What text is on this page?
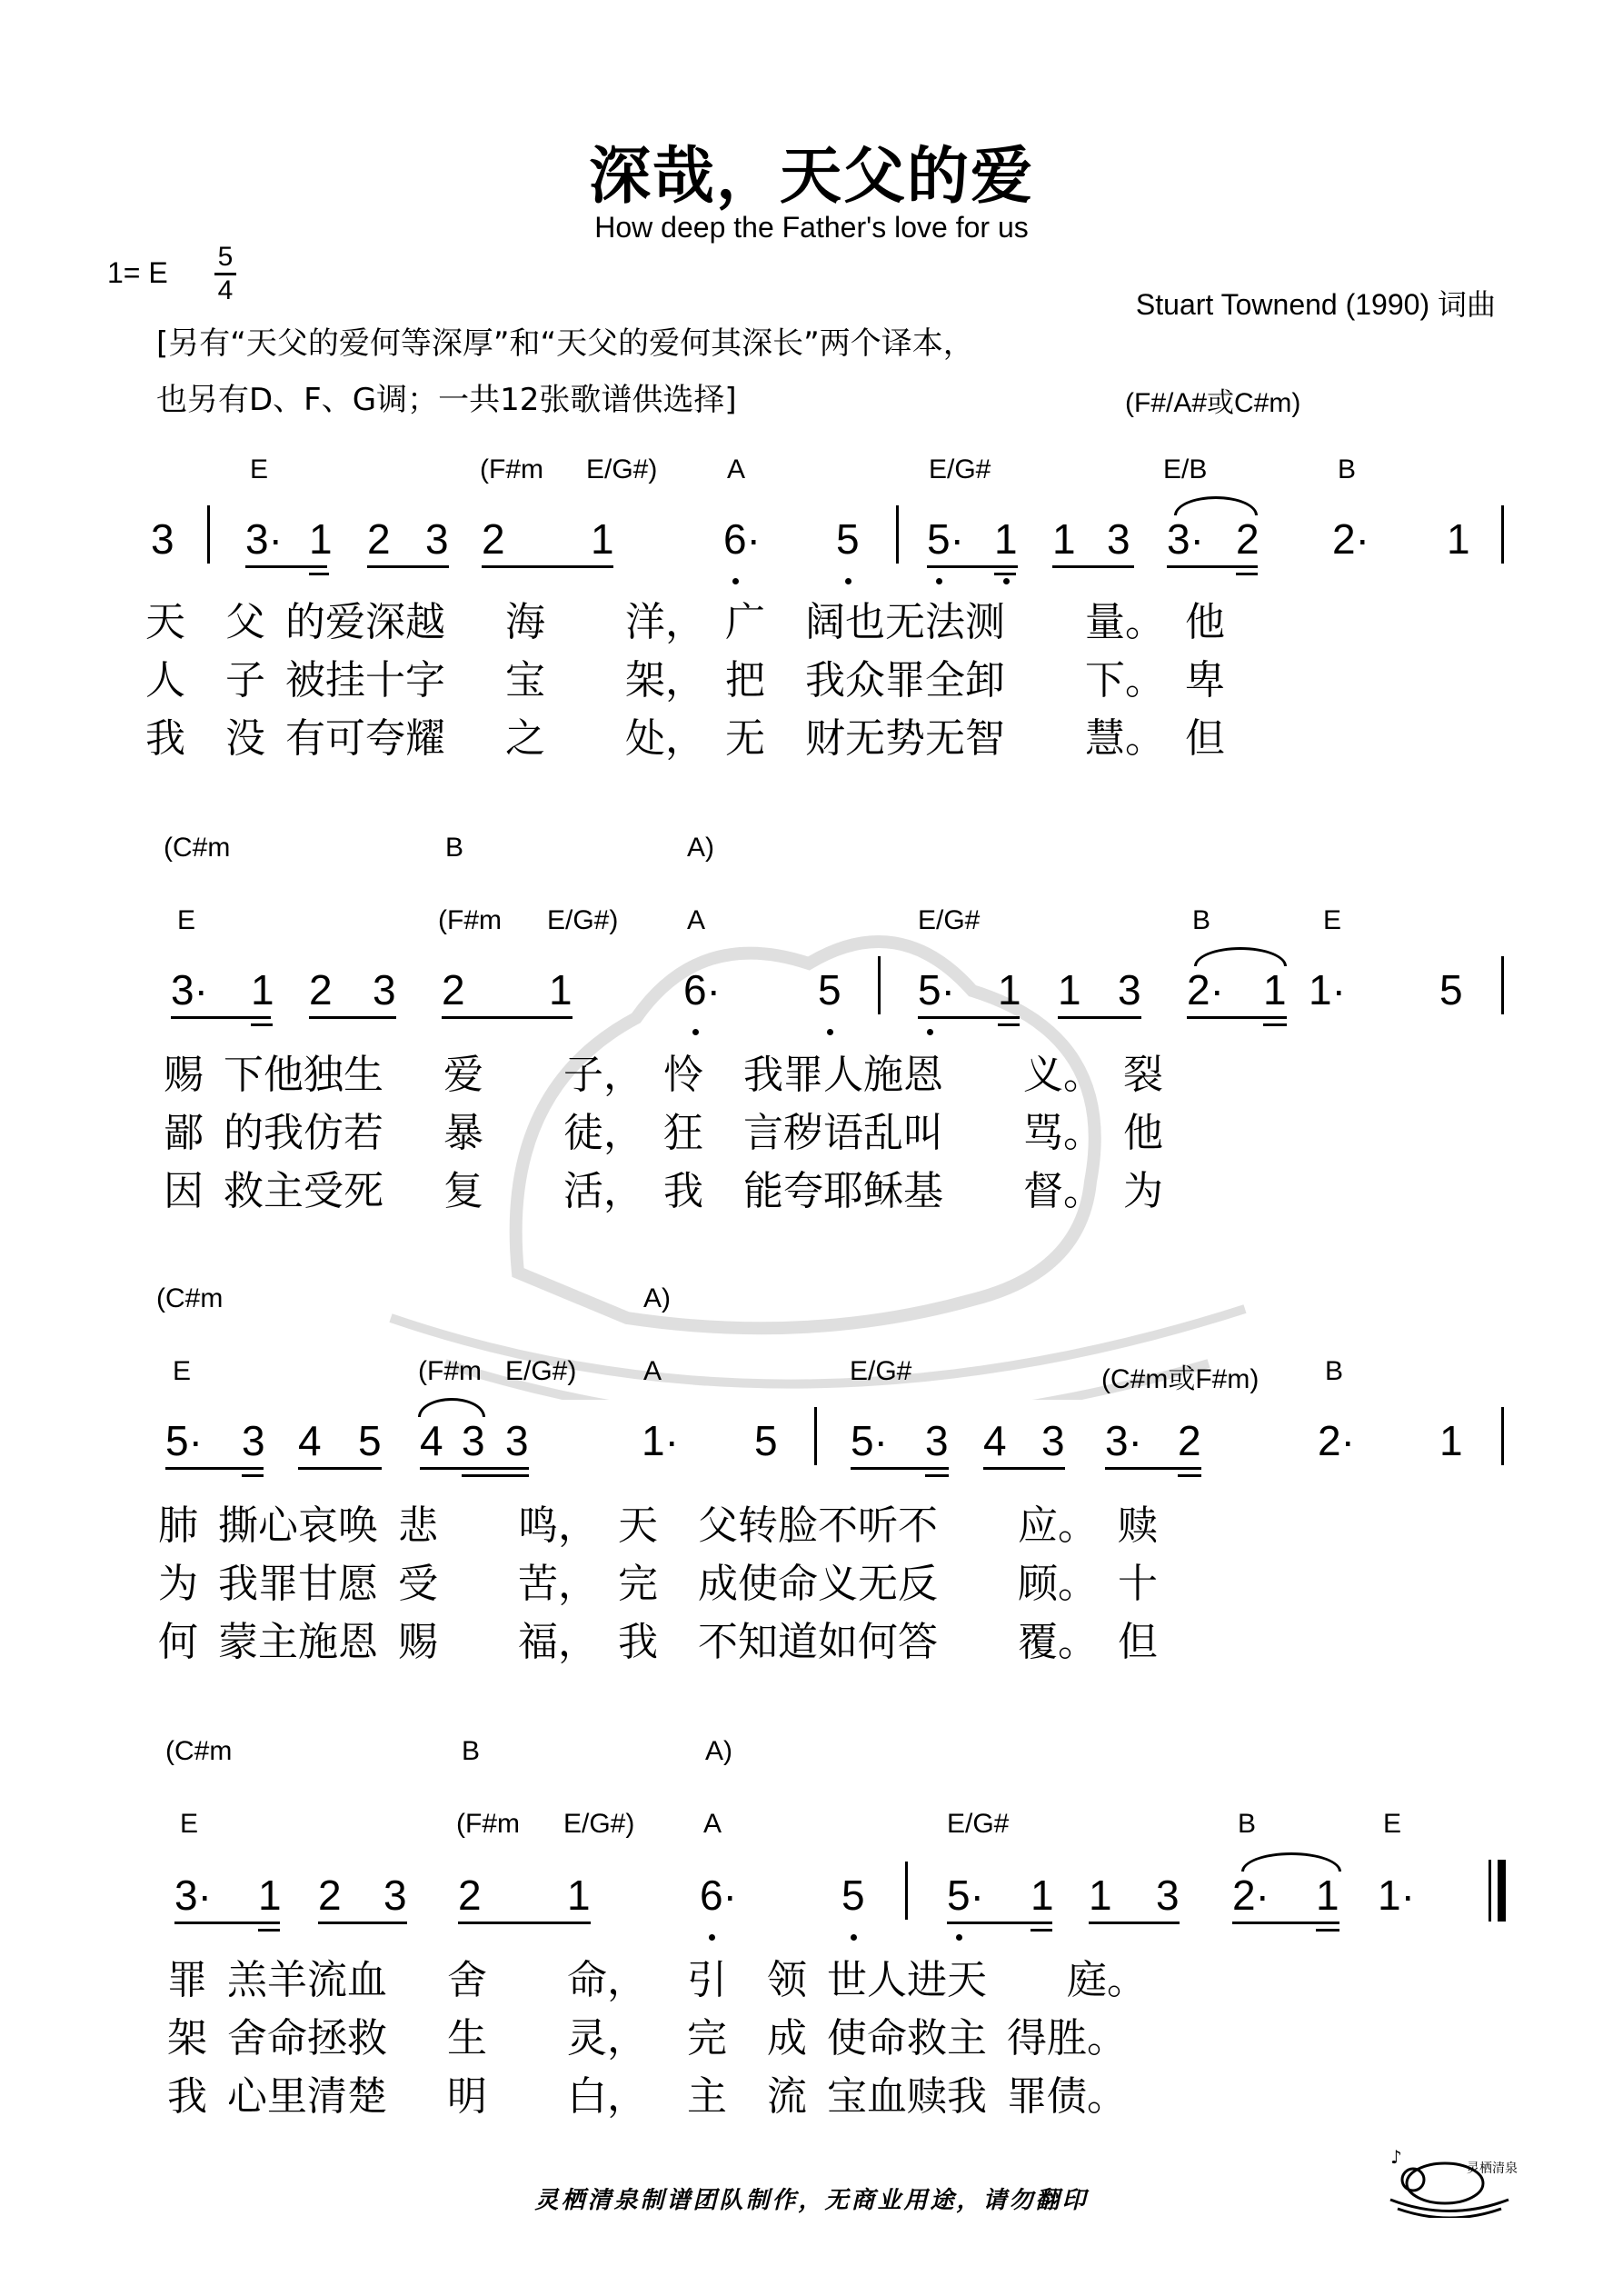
深哉，天父的爱
How deep the Father's love for us
1= E 5
4	Stuart Townend (1990) 词曲
[另有“天父的爱何等深厚”和“天父的爱何其深长”两个译本，
也另有D、F、G调；一共12张歌谱供选择]	(F#/A#或C#m)
E	(F#m E/G#)	A	E/G#	E/B	B
3 3· 1 2 3 2 1	6· 5 5· 1 1 3 3· 2 2· 1
天  父  的爱深越   海   洋，  广  阔也无法测   量。  他
人  子  被挂十字   宝   架，  把  我众罪全卸   下。  卑
我  没  有可夸耀   之   处，  无  财无势无智   慧。  但
(C#m	B	A)
E	(F#m E/G#)	A	E/G#	B	E
3· 1 2 3 2 1	6· 5 5· 1 1 3 2· 1 1· 5
赐  下他独生   爱   子，  怜  我罪人施恩   义。  裂
鄙  的我仿若   暴   徒，  狂  言秽语乱叫   骂。  他
因  救主受死   复   活，  我  能夸耶稣基   督。  为
(C#m	A)
E	(F#m E/G#) A	E/G#	(C#m或F#m) B
5· 3 4 5 4 3 3	1· 5 5· 3 4 3 3· 2	2· 1
肺  撕心哀唤  悲   鸣，  天  父转脸不听不   应。  赎
为  我罪甘愿  受   苦，  完  成使命义无反   顾。  十
何  蒙主施恩  赐   福，  我  不知道如何答   覆。  但
(C#m	B	A)
E	(F#m E/G#)	A	E/G#	B	E
3· 1 2 3 2 1	6·	5 5· 1 1 3 2· 1 1·
罪  羔羊流血   舍   命，  引  领  世人进天   庭。
架  舍命拯救   生   灵，  完  成  使命救主  得胜。
我  心里清楚   明   白，  主  流  宝血赎我  罪债。
灵栖清泉制谱团队制作，无商业用途，请勿翻印
♪
灵栖清泉
